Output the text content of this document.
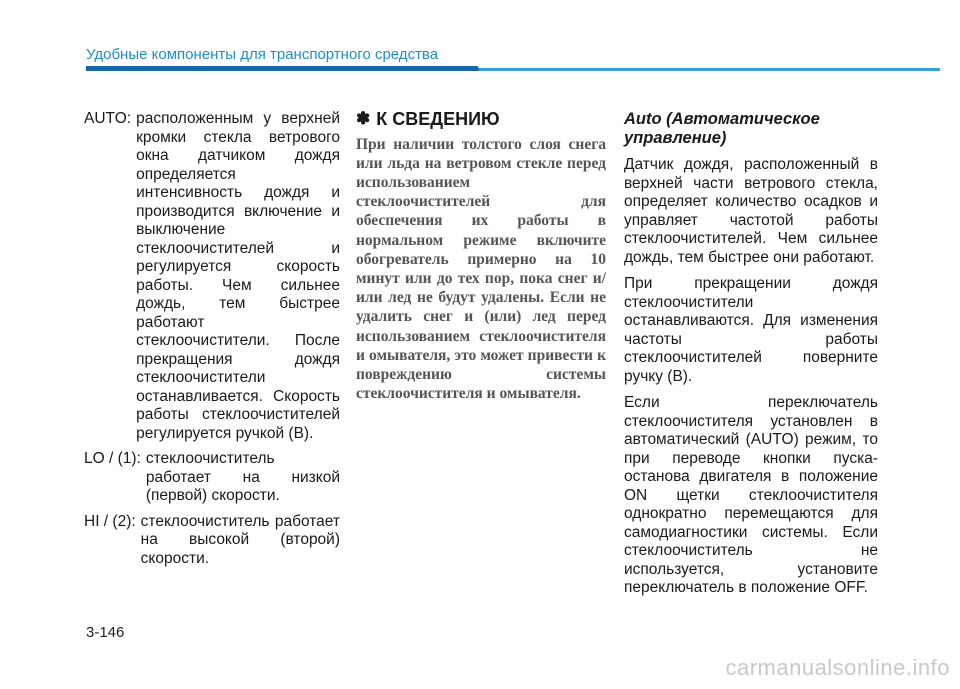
Удобные компоненты для транспортного средства
AUTO: расположенным у верхней кромки стекла ветрового окна датчиком дождя определяется интенсивность дождя и производится включение и выключение стеклоочистителей и регулируется скорость работы. Чем сильнее дождь, тем быстрее работают стеклоочистители. После прекращения дождя стеклоочистители останавливается. Скорость работы стеклоочистителей регулируется ручкой (B).
LO / (1): стеклоочиститель работает на низкой (первой) скорости.
HI / (2): стеклоочиститель работает на высокой (второй) скорости.
✽ К СВЕДЕНИЮ
При наличии толстого слоя снега или льда на ветровом стекле перед использованием стеклоочистителей для обеспечения их работы в нормальном режиме включите обогреватель примерно на 10 минут или до тех пор, пока снег и/или лед не будут удалены. Если не удалить снег и (или) лед перед использованием стеклоочистителя и омывателя, это может привести к повреждению системы стеклоочистителя и омывателя.
Auto (Автоматическое управление)

Датчик дождя, расположенный в верхней части ветрового стекла, определяет количество осадков и управляет частотой работы стеклоочистителей. Чем сильнее дождь, тем быстрее они работают.

При прекращении дождя стеклоочистители останавливаются. Для изменения частоты работы стеклоочистителей поверните ручку (B).

Если переключатель стеклоочистителя установлен в автоматический (AUTO) режим, то при переводе кнопки пуска-останова двигателя в положение ON щетки стеклоочистителя однократно перемещаются для самодиагностики системы. Если стеклоочиститель не используется, установите переключатель в положение OFF.

3-146
carmanualsonline.info
